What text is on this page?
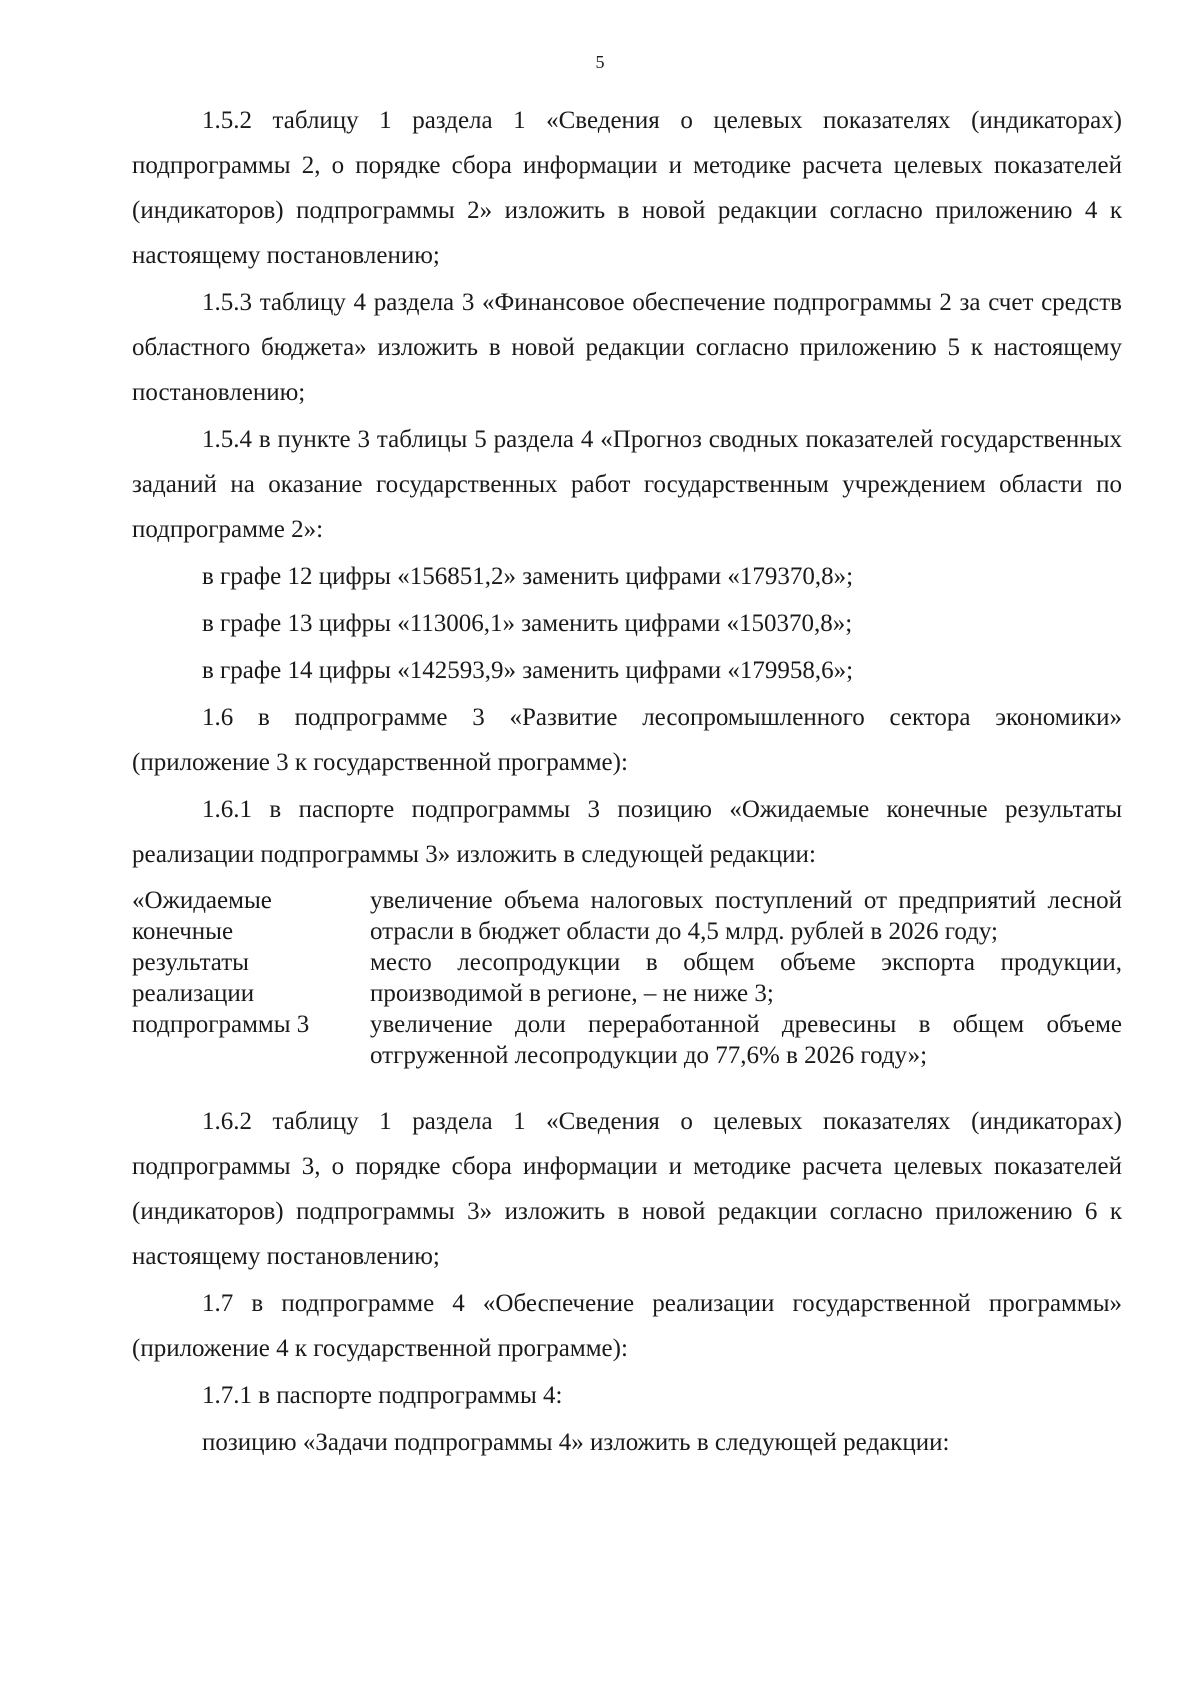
5

1.5.2 таблицу 1 раздела 1 «Сведения о целевых показателях (индикаторах) подпрограммы 2, о порядке сбора информации и методике расчета целевых показателей (индикаторов) подпрограммы 2» изложить в новой редакции согласно приложению 4 к настоящему постановлению;

1.5.3 таблицу 4 раздела 3 «Финансовое обеспечение подпрограммы 2 за счет средств областного бюджета» изложить в новой редакции согласно приложению 5 к настоящему постановлению;

1.5.4 в пункте 3 таблицы 5 раздела 4 «Прогноз сводных показателей государственных заданий на оказание государственных работ государственным учреждением области по подпрограмме 2»:

в графе 12 цифры «156851,2» заменить цифрами «179370,8»;

в графе 13 цифры «113006,1» заменить цифрами «150370,8»;

в графе 14 цифры «142593,9» заменить цифрами «179958,6»;

1.6 в подпрограмме 3 «Развитие лесопромышленного сектора экономики» (приложение 3 к государственной программе):

1.6.1 в паспорте подпрограммы 3 позицию «Ожидаемые конечные результаты реализации подпрограммы 3» изложить в следующей редакции:

«Ожидаемые
конечные
результаты
реализации
подпрограммы 3
увеличение объема налоговых поступлений от предприятий лесной отрасли в бюджет области до 4,5 млрд. рублей в 2026 году;
место лесопродукции в общем объеме экспорта продукции, производимой в регионе, – не ниже 3;
увеличение доли переработанной древесины в общем объеме отгруженной лесопродукции до 77,6% в 2026 году»;

1.6.2 таблицу 1 раздела 1 «Сведения о целевых показателях (индикаторах) подпрограммы 3, о порядке сбора информации и методике расчета целевых показателей (индикаторов) подпрограммы 3» изложить в новой редакции согласно приложению 6 к настоящему постановлению;

1.7 в подпрограмме 4 «Обеспечение реализации государственной программы» (приложение 4 к государственной программе):

1.7.1 в паспорте подпрограммы 4:

позицию «Задачи подпрограммы 4» изложить в следующей редакции:
